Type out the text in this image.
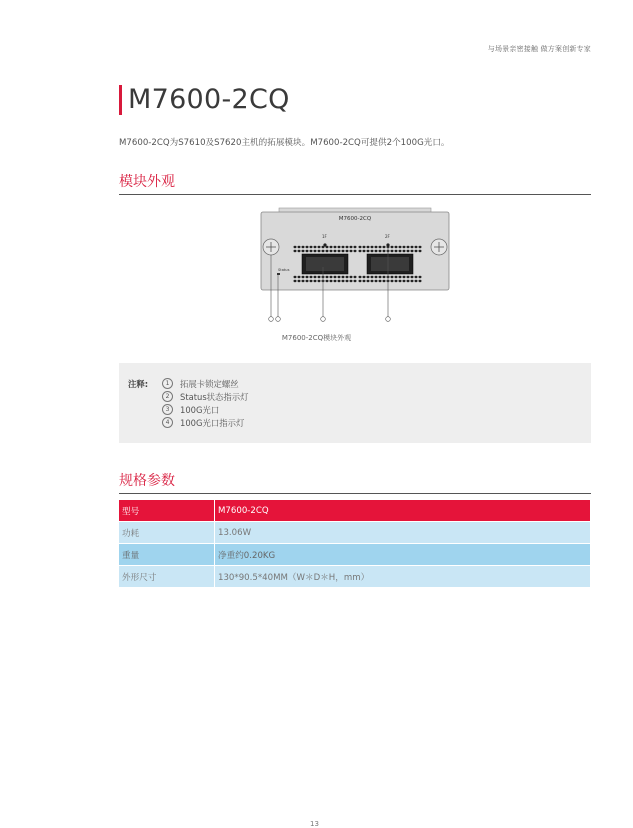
与场景亲密接触 做方案创新专家
M7600-2CQ
M7600-2CQ为S7610及S7620主机的拓展模块。M7600-2CQ可提供2个100G光口。
模块外观
M7600-2CQ
Status
1F	2F
M7600-2CQ模块外观
注释:	1	拓展卡锁定螺丝
2	Status状态指示灯
3	100G光口
4	100G光口指示灯
规格参数
型号	M7600-2CQ
功耗	13.06W
重量	净重约0.20KG
外形尺寸	130*90.5*40MM（W＊D＊H，mm）
13
